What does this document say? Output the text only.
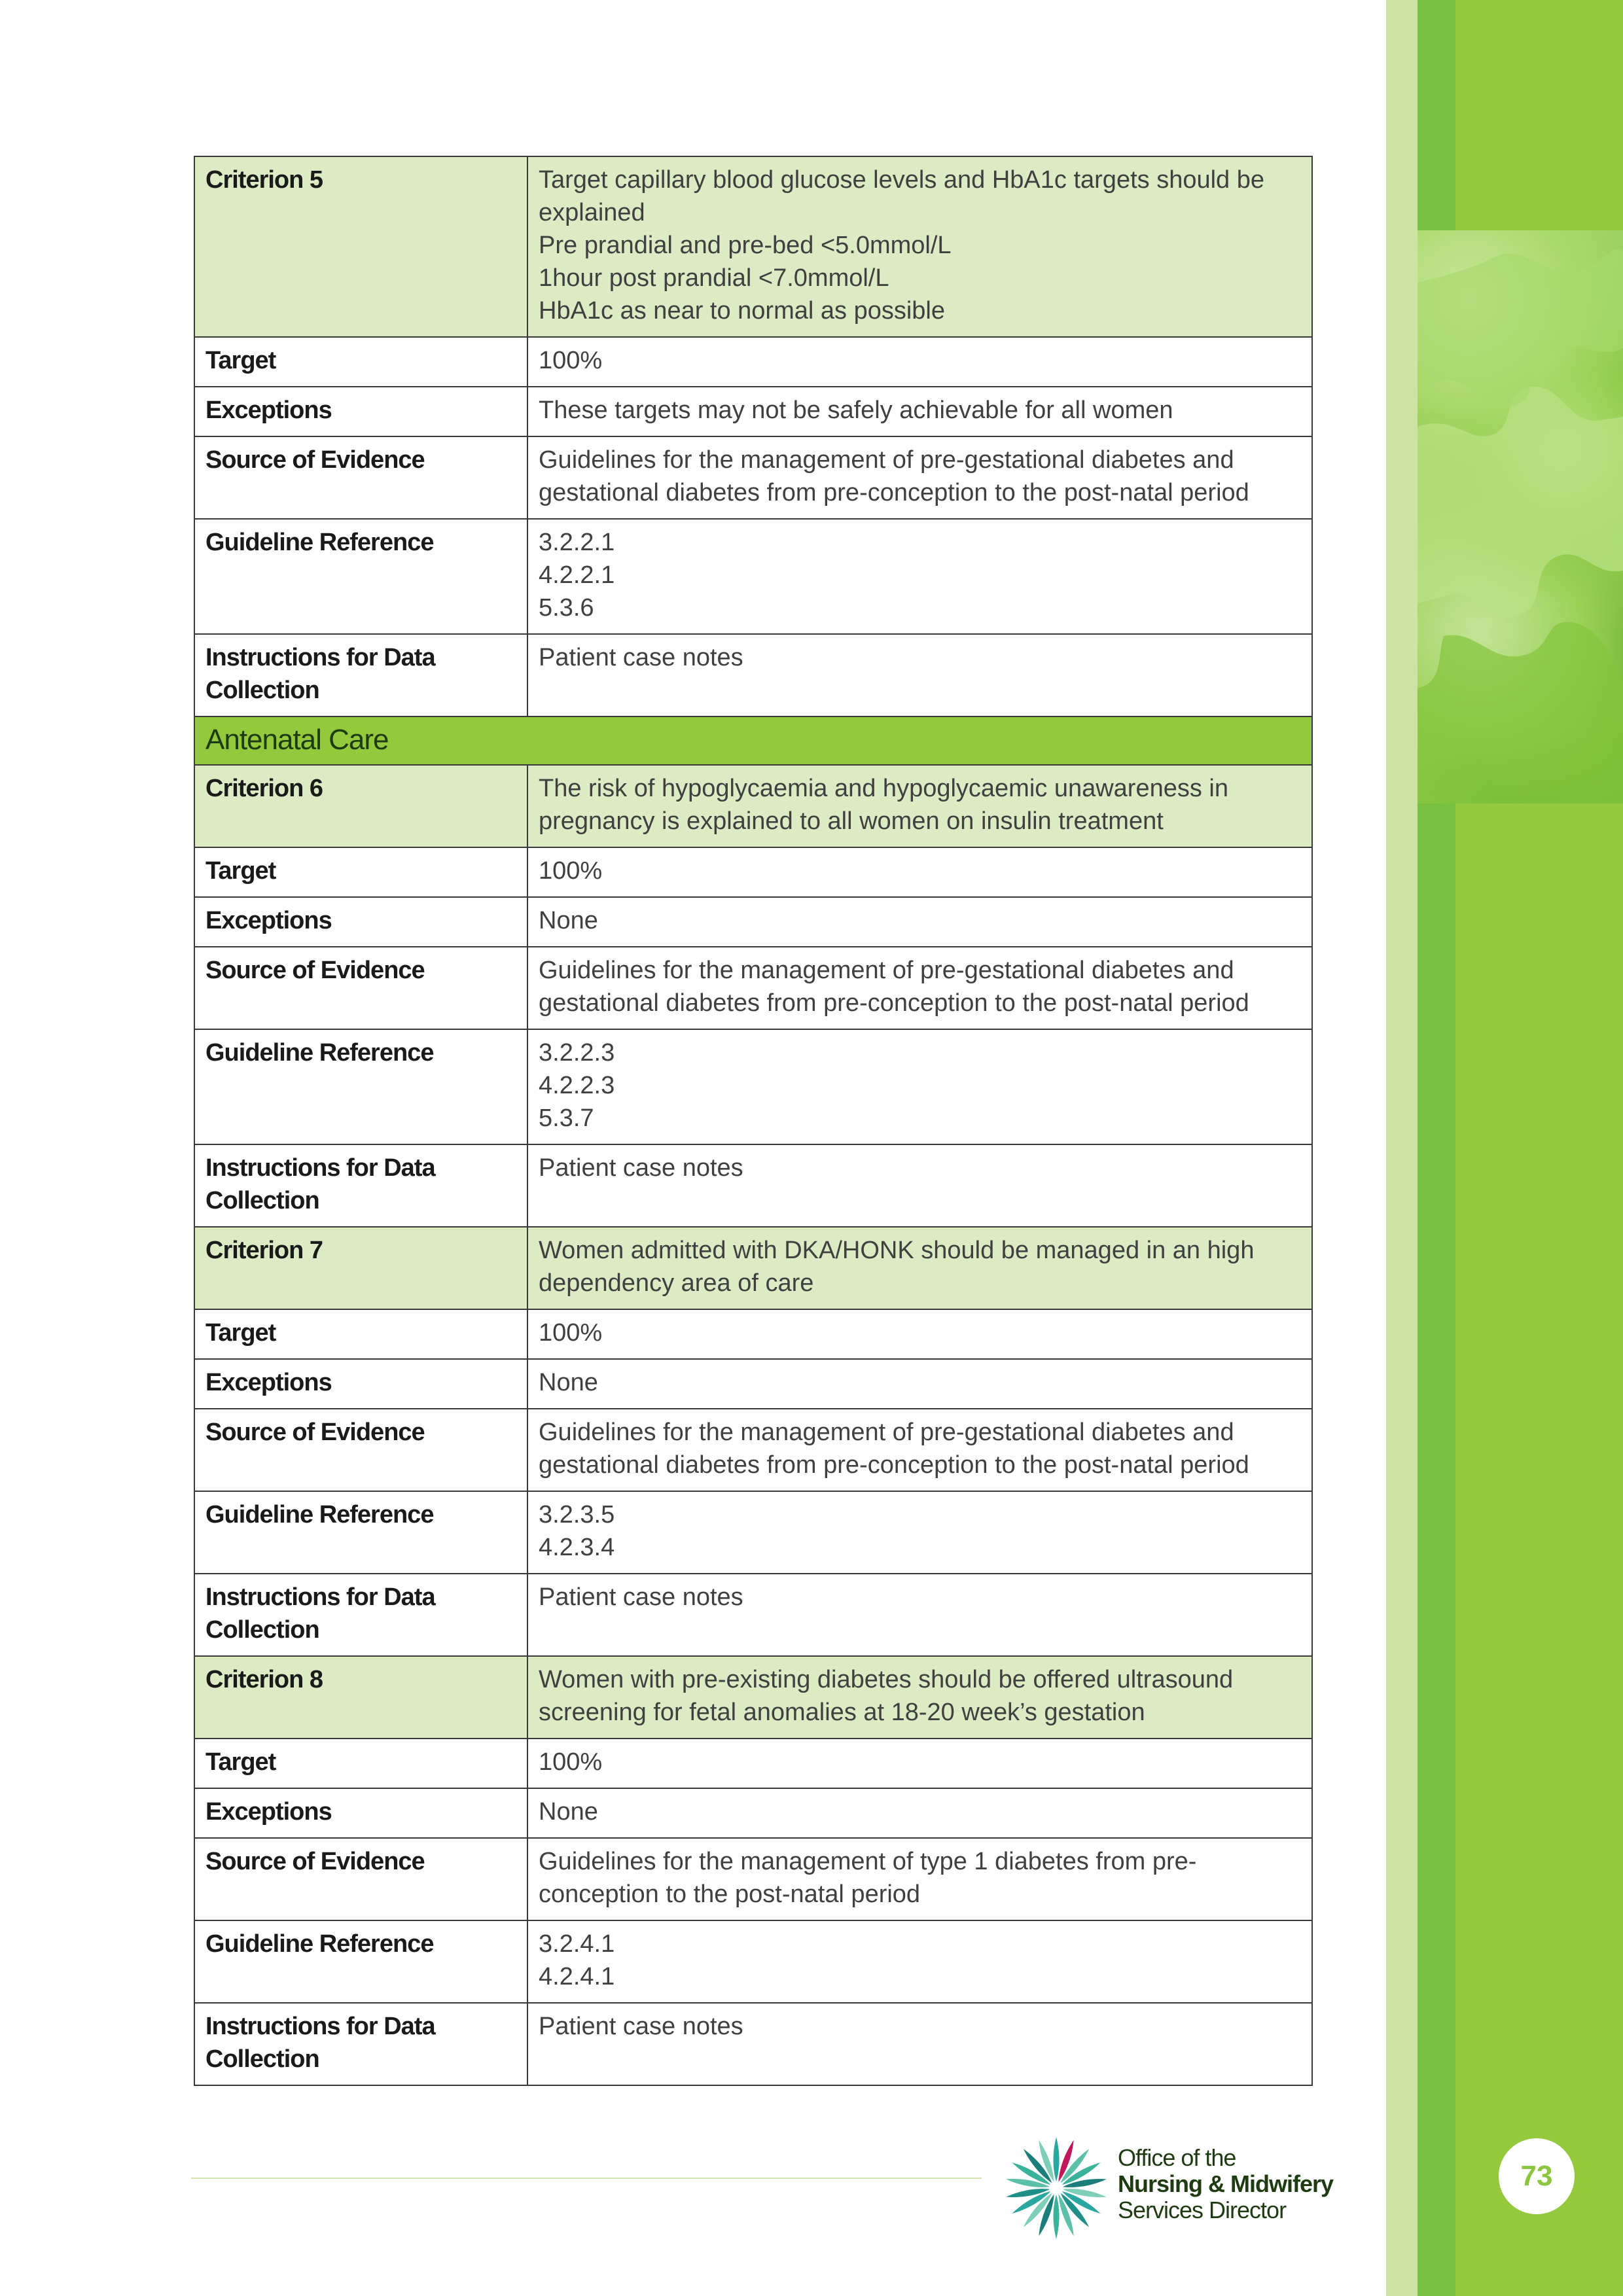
Criterion 5	Target capillary blood glucose levels and HbA1c targets should be explained
Pre prandial and pre-bed <5.0mmol/L
1hour post prandial <7.0mmol/L
HbA1c as near to normal as possible
Target	100%
Exceptions	These targets may not be safely achievable for all women
Source of Evidence	Guidelines for the management of pre-gestational diabetes and gestational diabetes from pre-conception to the post-natal period
Guideline Reference	3.2.2.1
4.2.2.1
5.3.6
Instructions for Data Collection	Patient case notes
Antenatal Care	
Criterion 6	The risk of hypoglycaemia and hypoglycaemic unawareness in pregnancy is explained to all women on insulin treatment
Target	100%
Exceptions	None
Source of Evidence	Guidelines for the management of pre-gestational diabetes and gestational diabetes from pre-conception to the post-natal period
Guideline Reference	3.2.2.3
4.2.2.3
5.3.7
Instructions for Data Collection	Patient case notes
Criterion 7	Women admitted with DKA/HONK should be managed in an high dependency area of care
Target	100%
Exceptions	None
Source of Evidence	Guidelines for the management of pre-gestational diabetes and gestational diabetes from pre-conception to the post-natal period
Guideline Reference	3.2.3.5
4.2.3.4
Instructions for Data Collection	Patient case notes
Criterion 8	Women with pre-existing diabetes should be offered ultrasound screening for fetal anomalies at 18-20 week’s gestation
Target	100%
Exceptions	None
Source of Evidence	Guidelines for the management of type 1 diabetes from pre-conception to the post-natal period
Guideline Reference	3.2.4.1
4.2.4.1
Instructions for Data Collection	Patient case notes
Office of the
Nursing & Midwifery
Services Director
73
